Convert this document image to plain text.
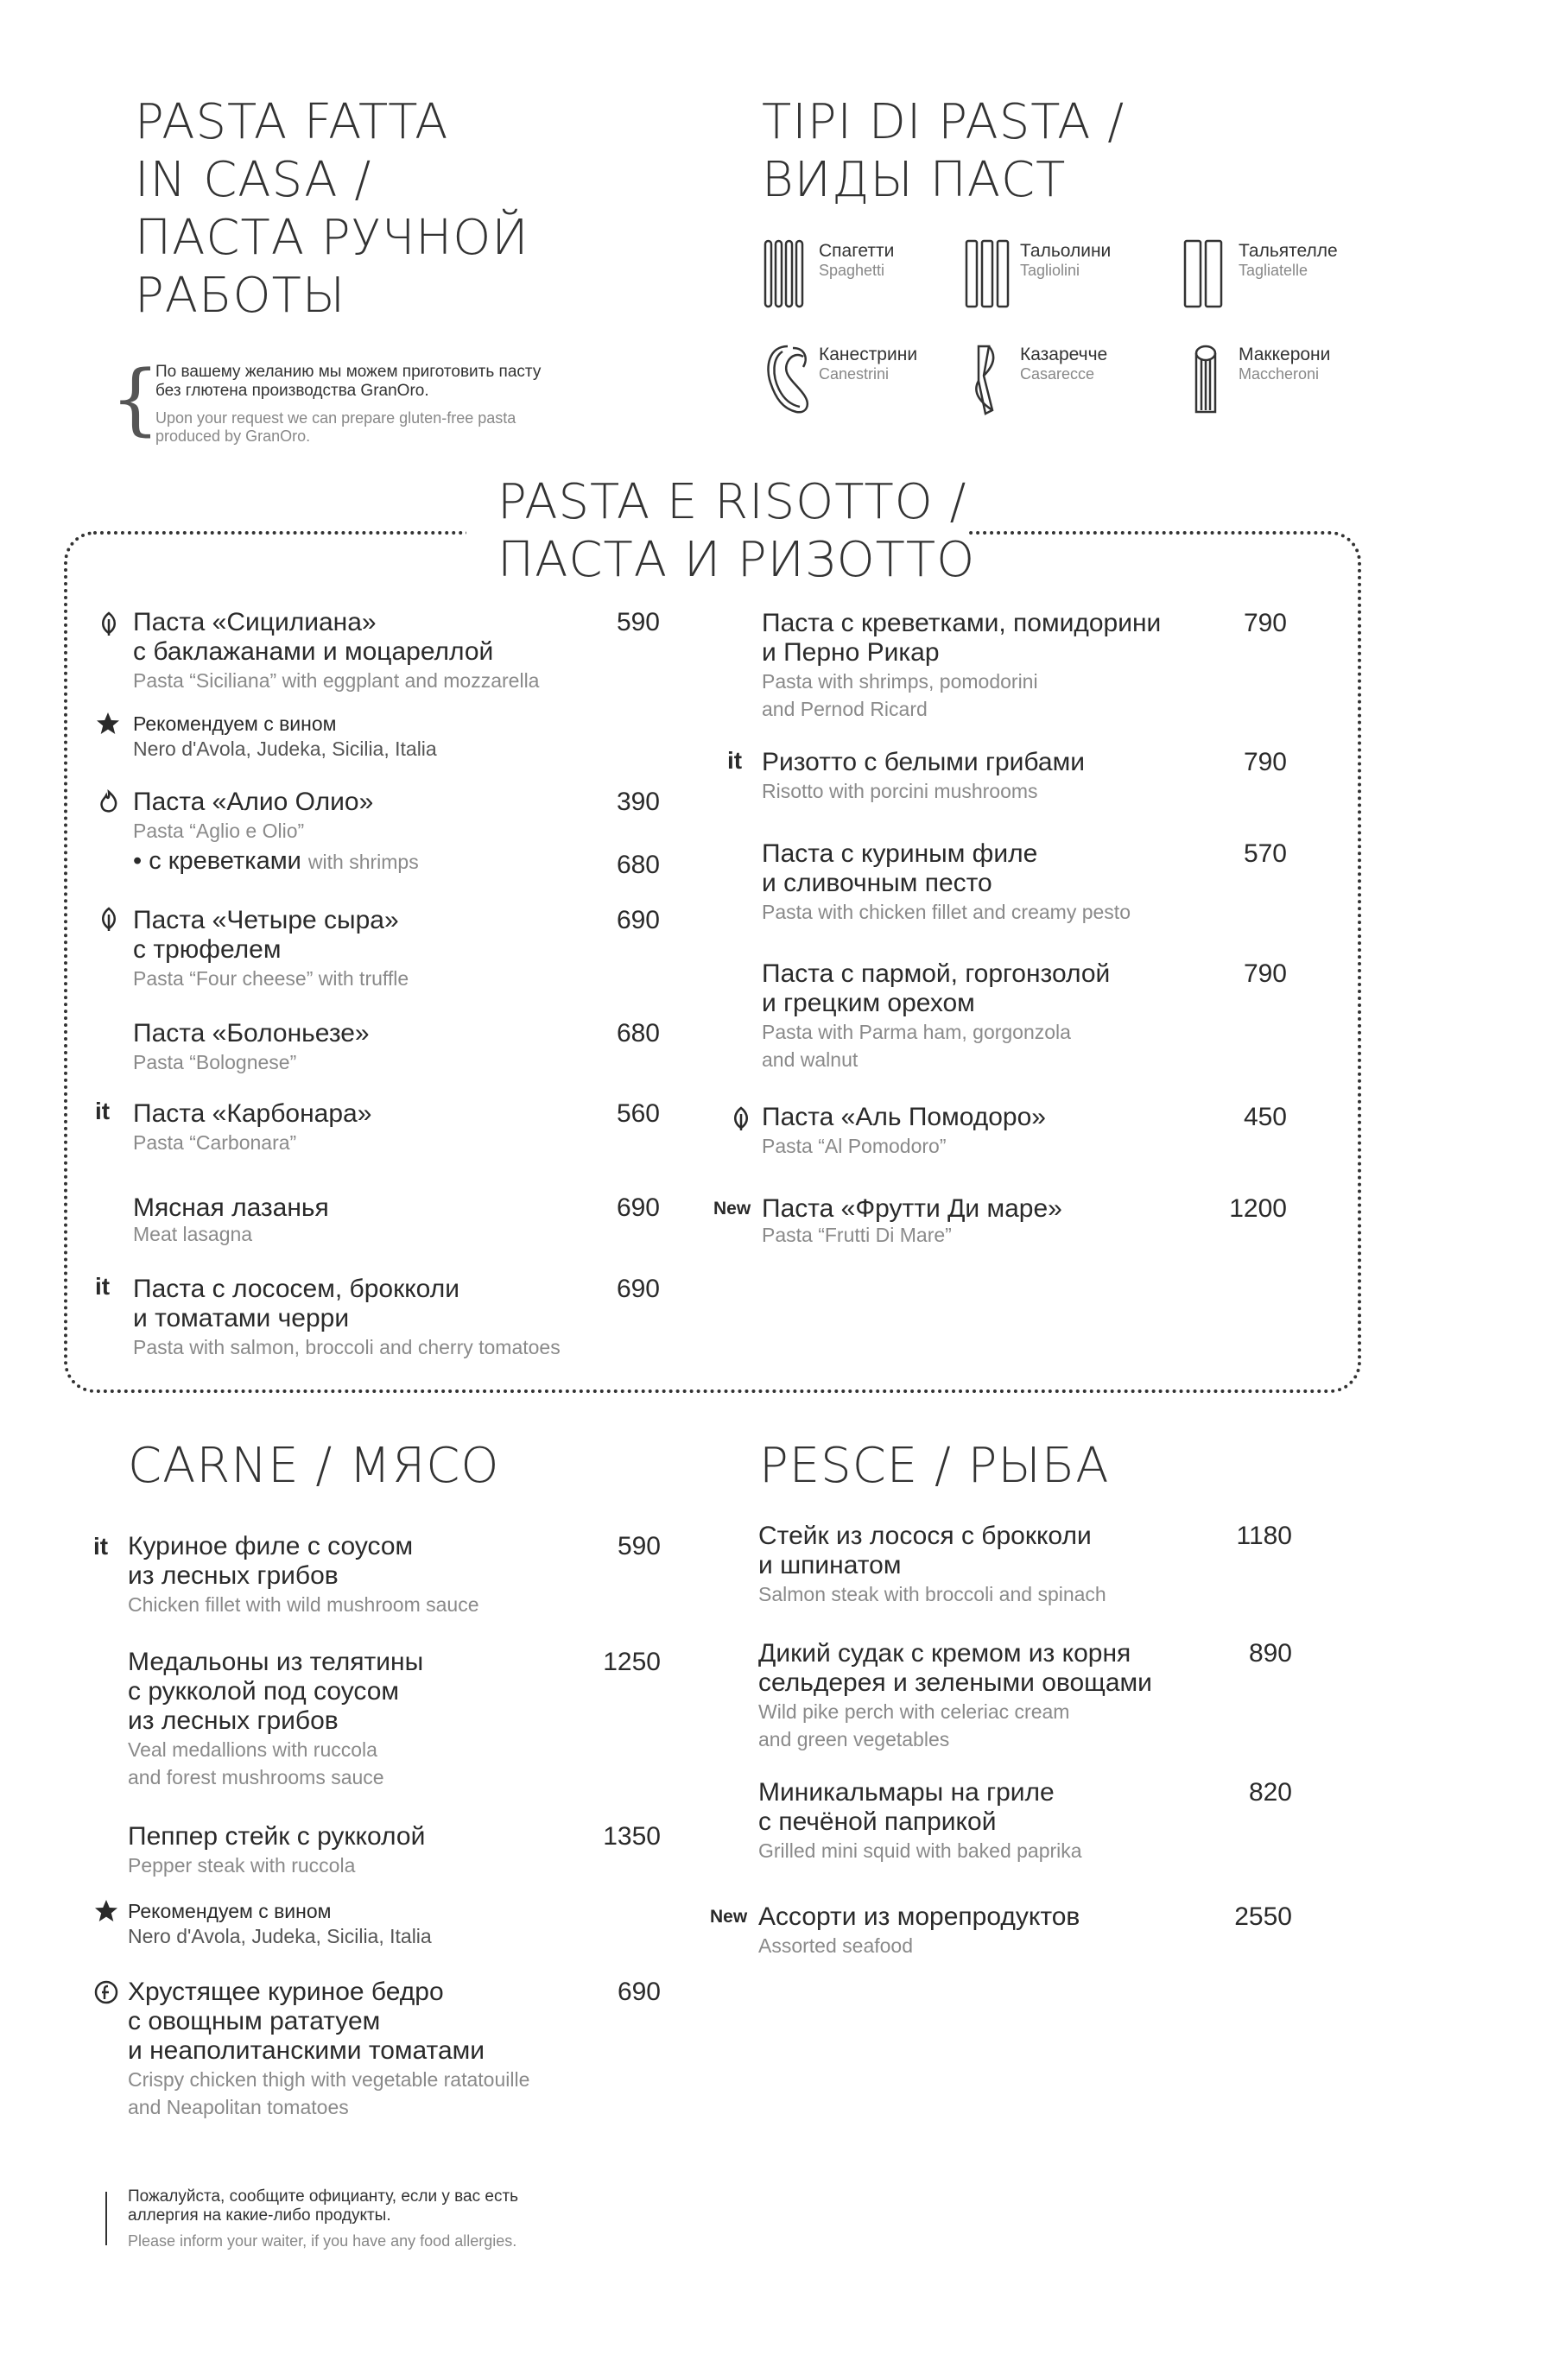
PASTA FATTA
IN CASA /
ПАСТА РУЧНОЙ
РАБОТЫ
{
По вашему желанию мы можем приготовить пасту
без глютена производства GranOro.
Upon your request we can prepare gluten-free pasta
produced by GranOro.
TIPI DI PASTA /
ВИДЫ ПАСТ
Спагетти
Spaghetti
Тальолини
Tagliolini
Тальятелле
Tagliatelle
Канестрини
Canestrini
Казаречче
Casarecce
Маккерони
Maccheroni
PASTA E RISOTTO /
ПАСТА И РИЗОТТО
Паста «Сицилиана»
с баклажанами и моцареллой
Pasta “Siciliana” with eggplant and mozzarella
590
Рекомендуем с вином
Nero d'Avola, Judeka, Sicilia, Italia
Паста «Алио Олио»
Pasta “Aglio e Olio”
• с креветками with shrimps
390
680
Паста «Четыре сыра»
с трюфелем
Pasta “Four cheese” with truffle
690
Паста «Болоньезе»
Pasta “Bolognese”
680
it Паста «Карбонара»
Pasta “Carbonara”
560
Мясная лазанья
Meat lasagna
690
it Паста с лососем, брокколи
и томатами черри
Pasta with salmon, broccoli and cherry tomatoes
690
Паста с креветками, помидорини
и Перно Рикар
Pasta with shrimps, pomodorini
and Pernod Ricard
790
it Ризотто с белыми грибами
Risotto with porcini mushrooms
790
Паста с куриным филе
и сливочным песто
Pasta with chicken fillet and creamy pesto
570
Паста с пармой, горгонзолой
и грецким орехом
Pasta with Parma ham, gorgonzola
and walnut
790
Паста «Аль Помодоро»
Pasta “Al Pomodoro”
450
New Паста «Фрутти Ди маре»
Pasta “Frutti Di Mare”
1200
CARNE / МЯСО
it Куриное филе с соусом
из лесных грибов
Chicken fillet with wild mushroom sauce
590
Медальоны из телятины
с рукколой под соусом
из лесных грибов
Veal medallions with ruccola
and forest mushrooms sauce
1250
Пеппер стейк с рукколой
Pepper steak with ruccola
1350
Рекомендуем с вином
Nero d'Avola, Judeka, Sicilia, Italia
Хрустящее куриное бедро
с овощным рататуем
и неаполитанскими томатами
Crispy chicken thigh with vegetable ratatouille
and Neapolitan tomatoes
690
PESCE / РЫБА
Стейк из лосося с брокколи
и шпинатом
Salmon steak with broccoli and spinach
1180
Дикий судак с кремом из корня
сельдерея и зелеными овощами
Wild pike perch with celeriac cream
and green vegetables
890
Миникальмары на гриле
с печёной паприкой
Grilled mini squid with baked paprika
820
New Ассорти из морепродуктов
Assorted seafood
2550
Пожалуйста, сообщите официанту, если у вас есть
аллергия на какие-либо продукты.
Please inform your waiter, if you have any food allergies.
